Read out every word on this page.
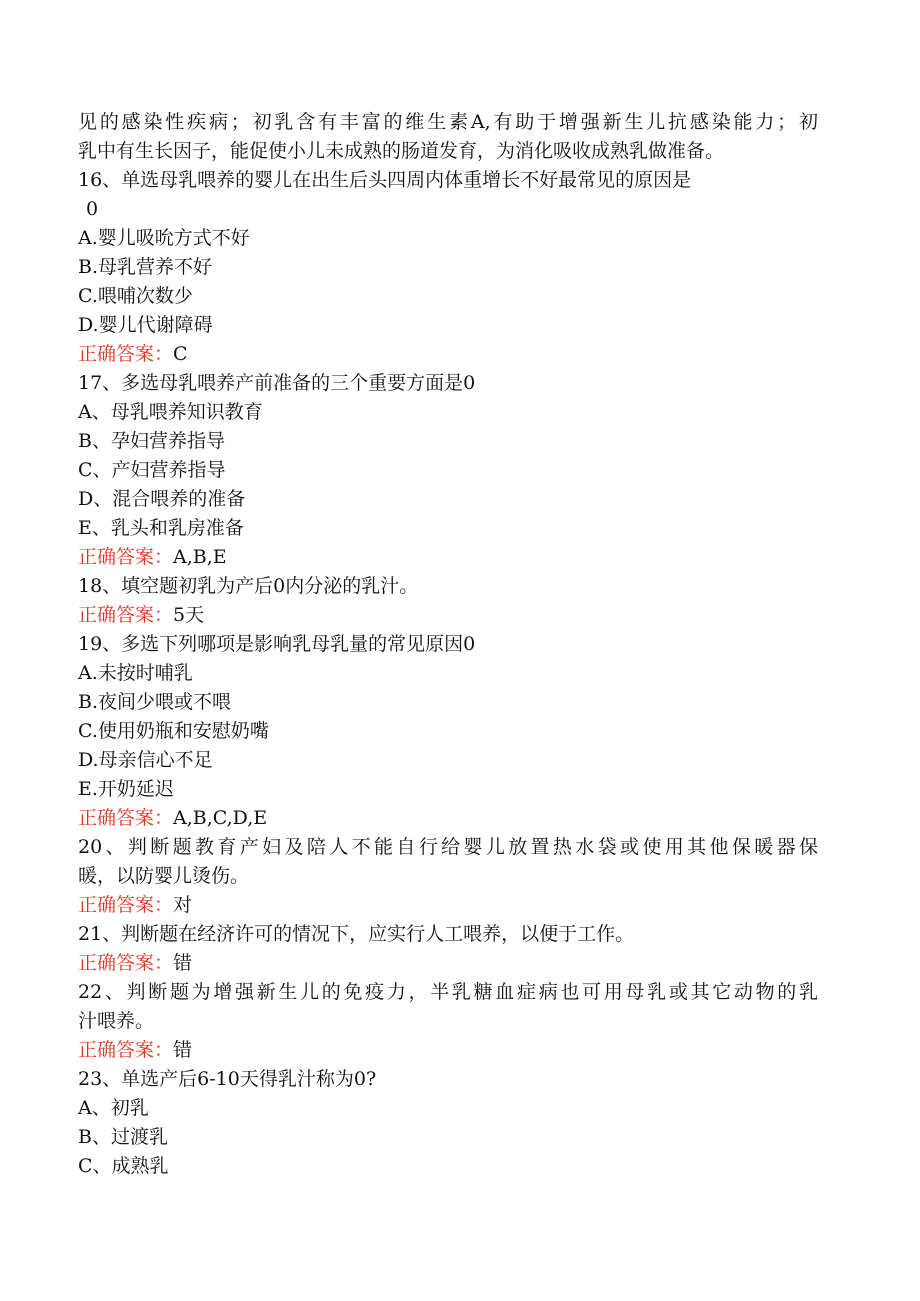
见的感染性疾病；初乳含有丰富的维生素A,有助于增强新生儿抗感染能力；初
乳中有生长因子，能促使小儿未成熟的肠道发育，为消化吸收成熟乳做准备。
16、单选母乳喂养的婴儿在出生后头四周内体重增长不好最常见的原因是
0
A.婴儿吸吮方式不好
B.母乳营养不好
C.喂哺次数少
D.婴儿代谢障碍
正确答案：C
17、多选母乳喂养产前准备的三个重要方面是0
A、母乳喂养知识教育
B、孕妇营养指导
C、产妇营养指导
D、混合喂养的准备
E、乳头和乳房准备
正确答案：A,B,E
18、填空题初乳为产后0内分泌的乳汁。
正确答案：5天
19、多选下列哪项是影响乳母乳量的常见原因0
A.未按时哺乳
B.夜间少喂或不喂
C.使用奶瓶和安慰奶嘴
D.母亲信心不足
E.开奶延迟
正确答案：A,B,C,D,E
20、判断题教育产妇及陪人不能自行给婴儿放置热水袋或使用其他保暖器保
暖，以防婴儿烫伤。
正确答案：对
21、判断题在经济许可的情况下，应实行人工喂养，以便于工作。
正确答案：错
22、判断题为增强新生儿的免疫力，半乳糖血症病也可用母乳或其它动物的乳
汁喂养。
正确答案：错
23、单选产后6-10天得乳汁称为0?
A、初乳
B、过渡乳
C、成熟乳
